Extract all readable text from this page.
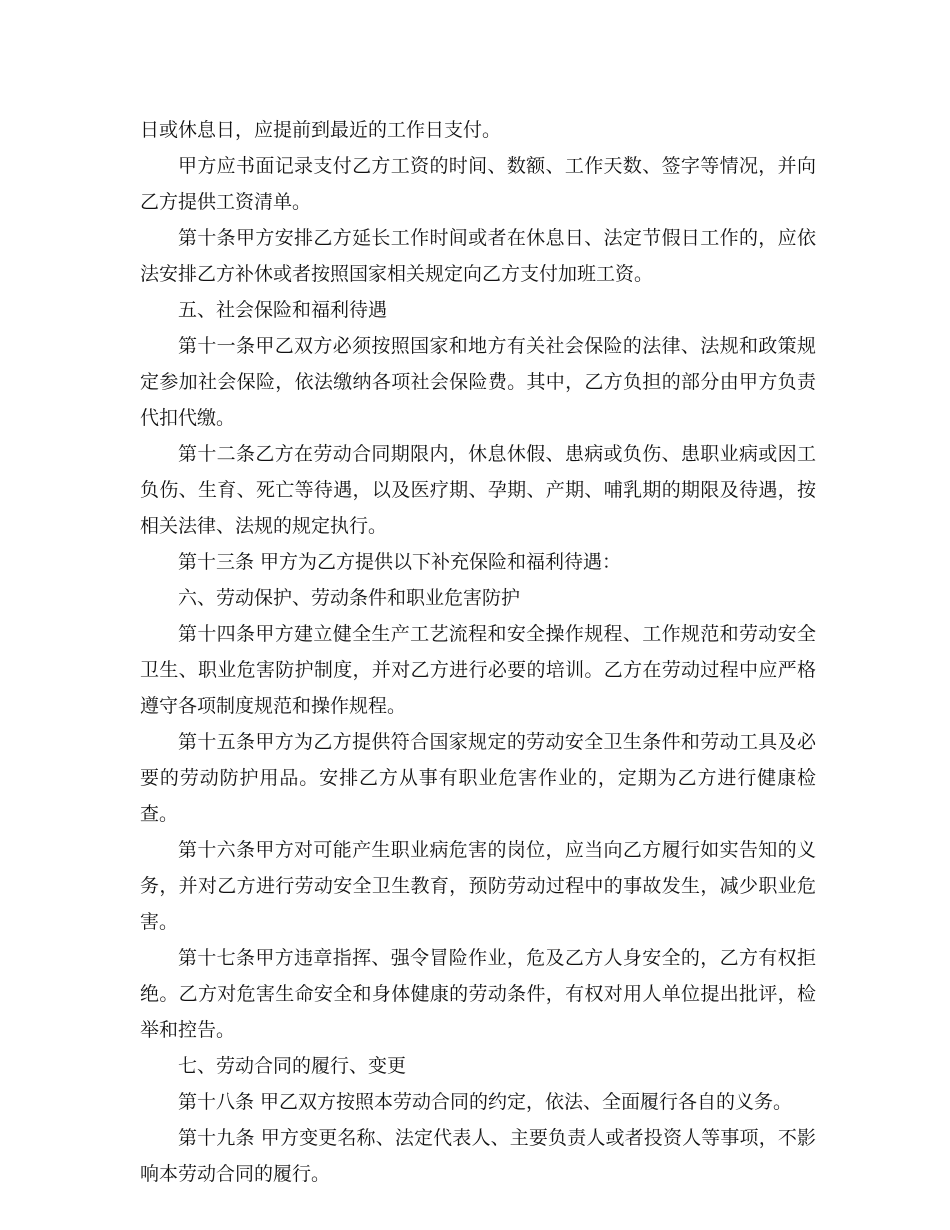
日或休息日，应提前到最近的工作日支付。

甲方应书面记录支付乙方工资的时间、数额、工作天数、签字等情况，并向乙方提供工资清单。

第十条甲方安排乙方延长工作时间或者在休息日、法定节假日工作的，应依法安排乙方补休或者按照国家相关规定向乙方支付加班工资。

五、社会保险和福利待遇

第十一条甲乙双方必须按照国家和地方有关社会保险的法律、法规和政策规定参加社会保险，依法缴纳各项社会保险费。其中，乙方负担的部分由甲方负责代扣代缴。

第十二条乙方在劳动合同期限内，休息休假、患病或负伤、患职业病或因工负伤、生育、死亡等待遇，以及医疗期、孕期、产期、哺乳期的期限及待遇，按相关法律、法规的规定执行。

第十三条 甲方为乙方提供以下补充保险和福利待遇：

六、劳动保护、劳动条件和职业危害防护

第十四条甲方建立健全生产工艺流程和安全操作规程、工作规范和劳动安全卫生、职业危害防护制度，并对乙方进行必要的培训。乙方在劳动过程中应严格遵守各项制度规范和操作规程。

第十五条甲方为乙方提供符合国家规定的劳动安全卫生条件和劳动工具及必要的劳动防护用品。安排乙方从事有职业危害作业的，定期为乙方进行健康检查。

第十六条甲方对可能产生职业病危害的岗位，应当向乙方履行如实告知的义务，并对乙方进行劳动安全卫生教育，预防劳动过程中的事故发生，减少职业危害。

第十七条甲方违章指挥、强令冒险作业，危及乙方人身安全的，乙方有权拒绝。乙方对危害生命安全和身体健康的劳动条件，有权对用人单位提出批评，检举和控告。

七、劳动合同的履行、变更

第十八条 甲乙双方按照本劳动合同的约定，依法、全面履行各自的义务。

第十九条 甲方变更名称、法定代表人、主要负责人或者投资人等事项，不影响本劳动合同的履行。
